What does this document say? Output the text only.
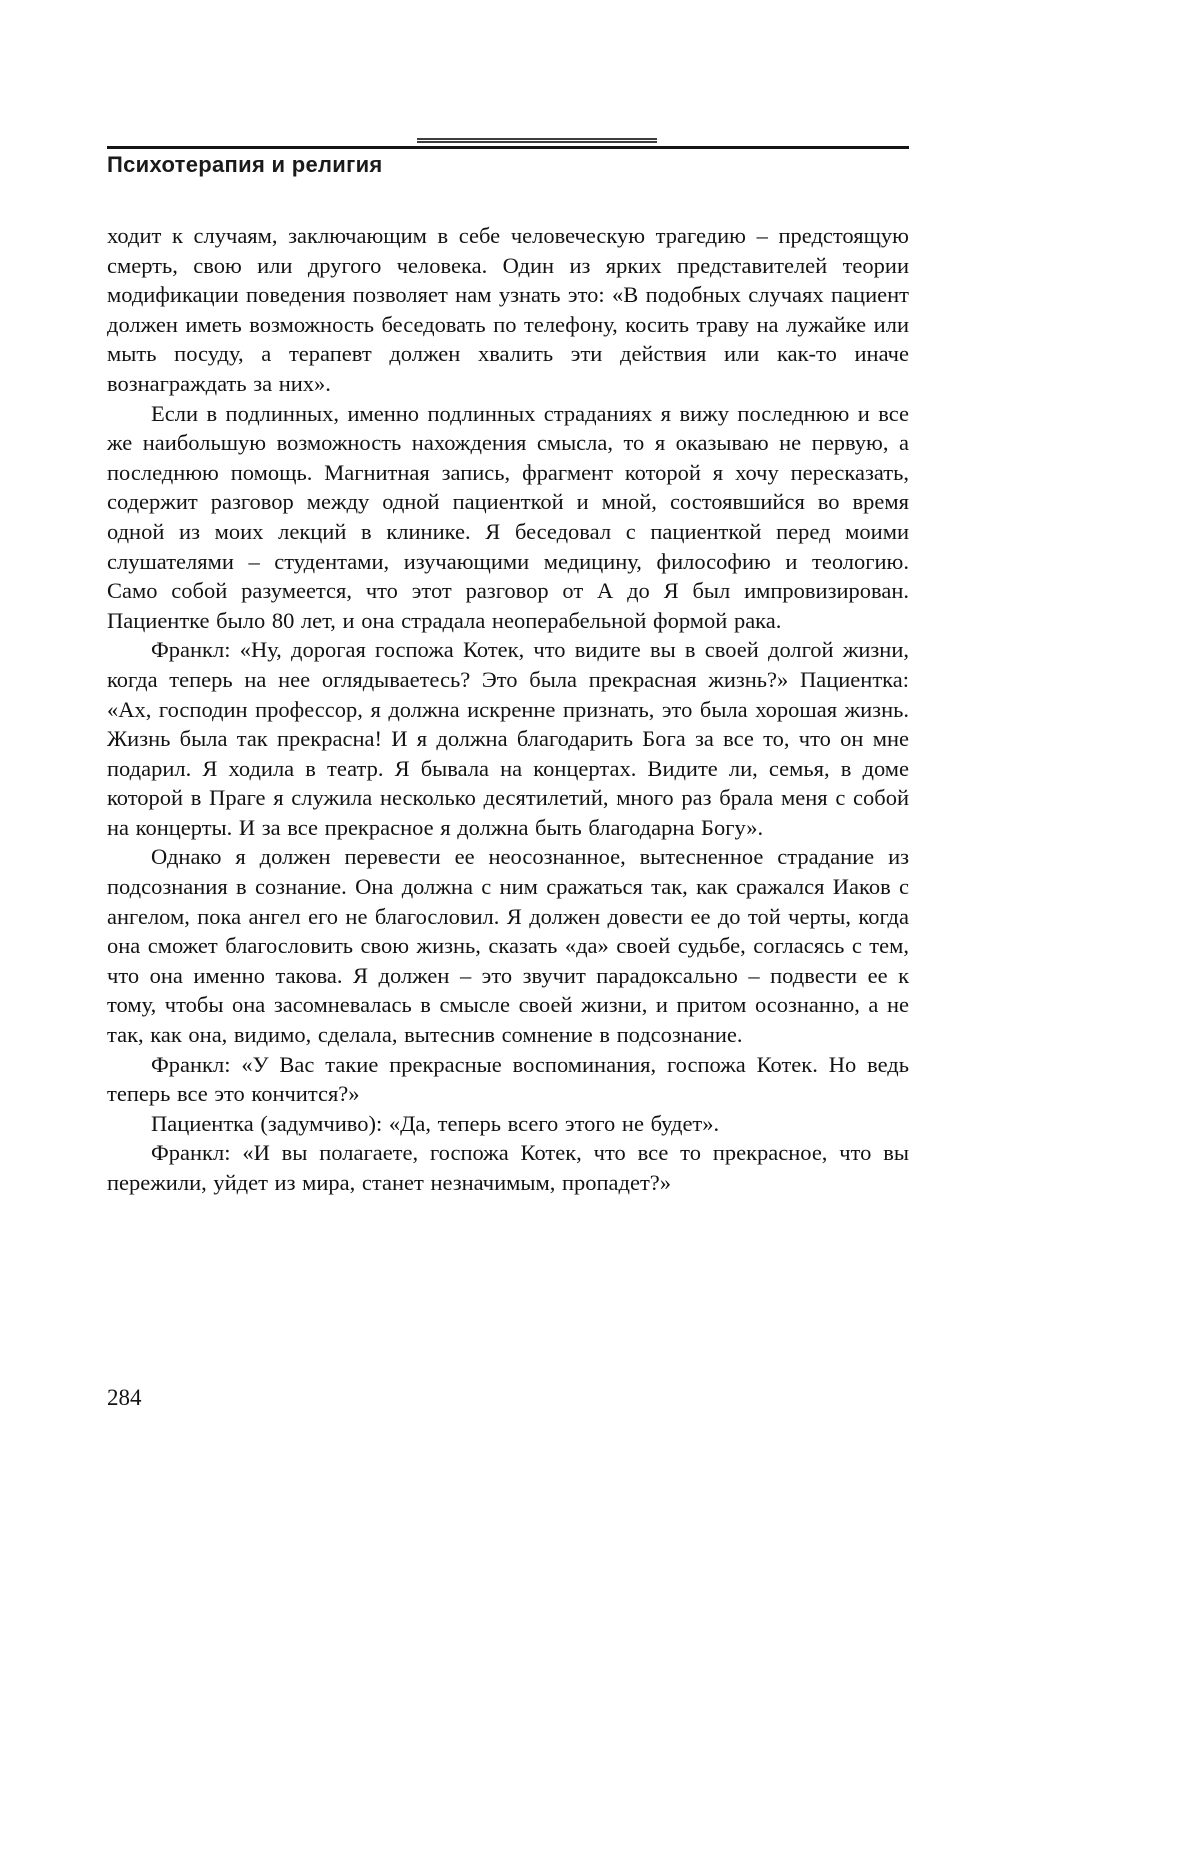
Психотерапия и религия

ходит к случаям, заключающим в себе человеческую трагедию – предстоящую смерть, свою или другого человека. Один из ярких представителей теории модификации поведения позволяет нам узнать это: «В подобных случаях пациент должен иметь возможность беседовать по телефону, косить траву на лужайке или мыть посуду, а терапевт должен хвалить эти действия или как-то иначе вознаграждать за них».

Если в подлинных, именно подлинных страданиях я вижу последнюю и все же наибольшую возможность нахождения смысла, то я оказываю не первую, а последнюю помощь. Магнитная запись, фрагмент которой я хочу пересказать, содержит разговор между одной пациенткой и мной, состоявшийся во время одной из моих лекций в клинике. Я беседовал с пациенткой перед моими слушателями – студентами, изучающими медицину, философию и теологию. Само собой разумеется, что этот разговор от А до Я был импровизирован. Пациентке было 80 лет, и она страдала неоперабельной формой рака.

Франкл: «Ну, дорогая госпожа Котек, что видите вы в своей долгой жизни, когда теперь на нее оглядываетесь? Это была прекрасная жизнь?» Пациентка: «Ах, господин профессор, я должна искренне признать, это была хорошая жизнь. Жизнь была так прекрасна! И я должна благодарить Бога за все то, что он мне подарил. Я ходила в театр. Я бывала на концертах. Видите ли, семья, в доме которой в Праге я служила несколько десятилетий, много раз брала меня с собой на концерты. И за все прекрасное я должна быть благодарна Богу».

Однако я должен перевести ее неосознанное, вытесненное страдание из подсознания в сознание. Она должна с ним сражаться так, как сражался Иаков с ангелом, пока ангел его не благословил. Я должен довести ее до той черты, когда она сможет благословить свою жизнь, сказать «да» своей судьбе, согласясь с тем, что она именно такова. Я должен – это звучит парадоксально – подвести ее к тому, чтобы она засомневалась в смысле своей жизни, и притом осознанно, а не так, как она, видимо, сделала, вытеснив сомнение в подсознание.

Франкл: «У Вас такие прекрасные воспоминания, госпожа Котек. Но ведь теперь все это кончится?»

Пациентка (задумчиво): «Да, теперь всего этого не будет».

Франкл: «И вы полагаете, госпожа Котек, что все то прекрасное, что вы пережили, уйдет из мира, станет незначимым, пропадет?»

284
